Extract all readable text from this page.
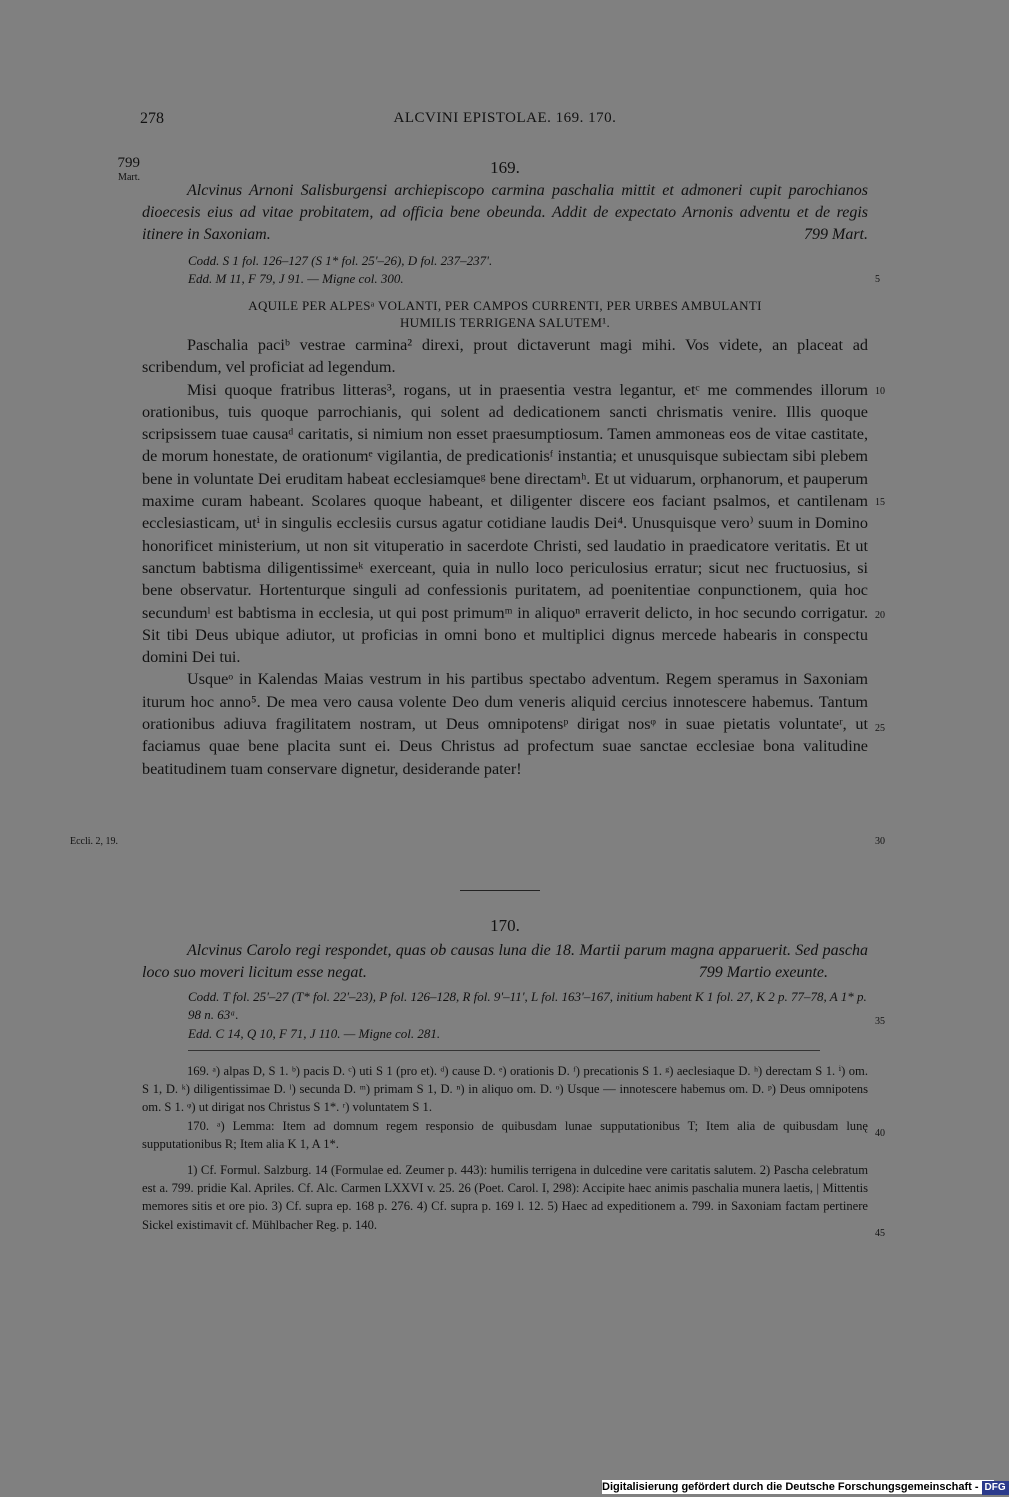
278	ALCVINI EPISTOLAE. 169. 170.
799
Mart.
169.
Alcvinus Arnoni Salisburgensi archiepiscopo carmina paschalia mittit et admoneri cupit parochianos dioecesis eius ad vitae probitatem, ad officia bene obeunda. Addit de expectato Arnonis adventu et de regis itinere in Saxoniam.	799 Mart.
Codd. S 1 fol. 126–127 (S 1* fol. 25'–26), D fol. 237–237'.
Edd. M 11, F 79, J 91. — Migne col. 300.
AQUILE PER ALPESᵃ VOLANTI, PER CAMPOS CURRENTI, PER URBES AMBULANTI
HUMILIS TERRIGENA SALUTEM¹.

Paschalia paciᵇ vestrae carmina² direxi, prout dictaverunt magi mihi. Vos videte, an placeat ad scribendum, vel proficiat ad legendum.

Misi quoque fratribus litteras³, rogans, ut in praesentia vestra legantur, etᶜ me commendes illorum orationibus, tuis quoque parrochianis, qui solent ad dedicationem sancti chrismatis venire. Illis quoque scripsissem tuae causaᵈ caritatis, si nimium non esset praesumptiosum. Tamen ammoneas eos de vitae castitate, de morum honestate, de orationumᵉ vigilantia, de predicationisᶠ instantia; et unusquisque subiectam sibi plebem bene in voluntate Dei eruditam habeat ecclesiamqueᵍ bene directamʰ. Et ut viduarum, orphanorum, et pauperum maxime curam habeant. Scolares quoque habeant, et diligenter discere eos faciant psalmos, et cantilenam ecclesiasticam, utⁱ in singulis ecclesiis cursus agatur cotidiane laudis Dei⁴. Unusquisque vero⁾ suum in Domino honorificet ministerium, ut non sit vituperatio in sacerdote Christi, sed laudatio in praedicatore veritatis. Et ut sanctum babtisma diligentissimeᵏ exerceant, quia in nullo loco periculosius erratur; sicut nec fructuosius, si bene observatur. Hortenturque singuli ad confessionis puritatem, ad poenitentiae conpunctionem, quia hoc secundumˡ est babtisma in ecclesia, ut qui post primumᵐ in aliquoⁿ erraverit delicto, in hoc secundo corrigatur. Sit tibi Deus ubique adiutor, ut proficias in omni bono et multiplici dignus mercede habearis in conspectu domini Dei tui.

Usqueᵒ in Kalendas Maias vestrum in his partibus spectabo adventum. Regem speramus in Saxoniam iturum hoc anno⁵. De mea vero causa volente Deo dum veneris aliquid cercius innotescere habemus. Tantum orationibus adiuva fragilitatem nostram, ut Deus omnipotensᵖ dirigat nosᵠ in suae pietatis voluntateʳ, ut faciamus quae bene placita sunt ei. Deus Christus ad profectum suae sanctae ecclesiae bona valitudine beatitudinem tuam conservare dignetur, desiderande pater!

Eccli. 2, 19.
5
10
15
20
25
30
35
40
45
170.
Alcvinus Carolo regi respondet, quas ob causas luna die 18. Martii parum magna apparuerit. Sed pascha loco suo moveri licitum esse negat.	799 Martio exeunte.
Codd. T fol. 25'–27 (T* fol. 22'–23), P fol. 126–128, R fol. 9'–11', L fol. 163'–167, initium habent K 1 fol. 27, K 2 p. 77–78, A 1* p. 98 n. 63ᵃ.
Edd. C 14, Q 10, F 71, J 110. — Migne col. 281.

169. ᵃ) alpas D, S 1. ᵇ) pacis D. ᶜ) uti S 1 (pro et). ᵈ) cause D. ᵉ) orationis D. ᶠ) precationis S 1. ᵍ) aeclesiaque D. ʰ) derectam S 1. ⁱ) om. S 1, D. ᵏ) diligentissimae D. ˡ) secunda D. ᵐ) primam S 1, D. ⁿ) in aliquo om. D. ᵒ) Usque — innotescere habemus om. D. ᵖ) Deus omnipotens om. S 1. ᵠ) ut dirigat nos Christus S 1*. ʳ) voluntatem S 1.

170. ᵃ) Lemma: Item ad domnum regem responsio de quibusdam lunae supputationibus T; Item alia de quibusdam lunę supputationibus R; Item alia K 1, A 1*.

1) Cf. Formul. Salzburg. 14 (Formulae ed. Zeumer p. 443): humilis terrigena in dulcedine vere caritatis salutem. 2) Pascha celebratum est a. 799. pridie Kal. Apriles. Cf. Alc. Carmen LXXVI v. 25. 26 (Poet. Carol. I, 298): Accipite haec animis paschalia munera laetis, | Mittentis memores sitis et ore pio. 3) Cf. supra ep. 168 p. 276. 4) Cf. supra p. 169 l. 12. 5) Haec ad expeditionem a. 799. in Saxoniam factam pertinere Sickel existimavit cf. Mühlbacher Reg. p. 140.

Digitalisierung gefördert durch die Deutsche Forschungsgemeinschaft - DFG
